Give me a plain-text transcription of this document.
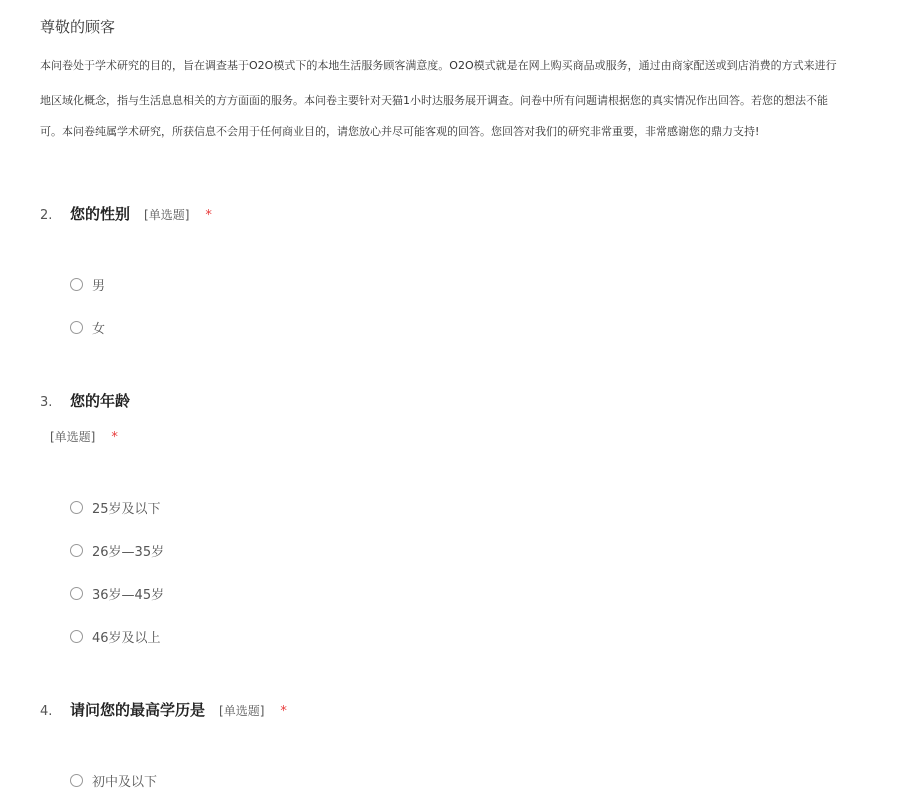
尊敬的顾客
本问卷处于学术研究的目的，旨在调查基于O2O模式下的本地生活服务顾客满意度。O2O模式就是在网上购买商品或服务，通过由商家配送或到店消费的方式来进行
地区域化概念，指与生活息息相关的方方面面的服务。本问卷主要针对天猫1小时达服务展开调查。问卷中所有问题请根据您的真实情况作出回答。若您的想法不能
可。本问卷纯属学术研究，所获信息不会用于任何商业目的，请您放心并尽可能客观的回答。您回答对我们的研究非常重要，非常感谢您的鼎力支持!
2.	您的性别 [单选题] *
男
女
3.	您的年龄
[单选题] *
25岁及以下
26岁—35岁
36岁—45岁
46岁及以上
4.	请问您的最高学历是 [单选题] *
初中及以下
